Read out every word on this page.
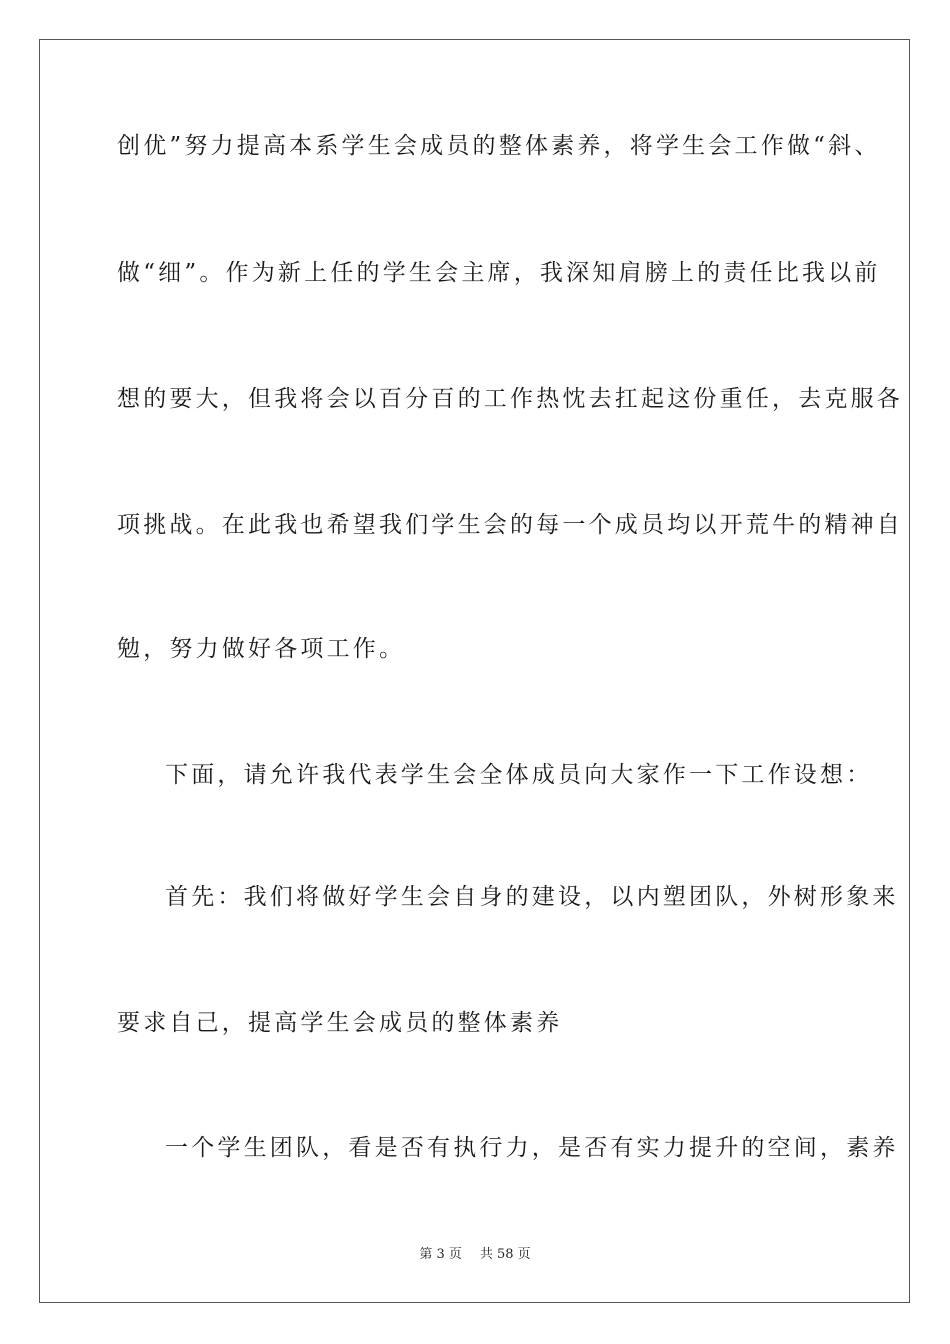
创优”努力提高本系学生会成员的整体素养，将学生会工作做“斜、
做“细”。作为新上任的学生会主席，我深知肩膀上的责任比我以前
想的要大，但我将会以百分百的工作热忱去扛起这份重任，去克服各
项挑战。在此我也希望我们学生会的每一个成员均以开荒牛的精神自
勉，努力做好各项工作。
下面，请允许我代表学生会全体成员向大家作一下工作设想：
首先：我们将做好学生会自身的建设，以内塑团队，外树形象来
要求自己，提高学生会成员的整体素养
一个学生团队，看是否有执行力，是否有实力提升的空间，素养
第 3 页 共 58 页
